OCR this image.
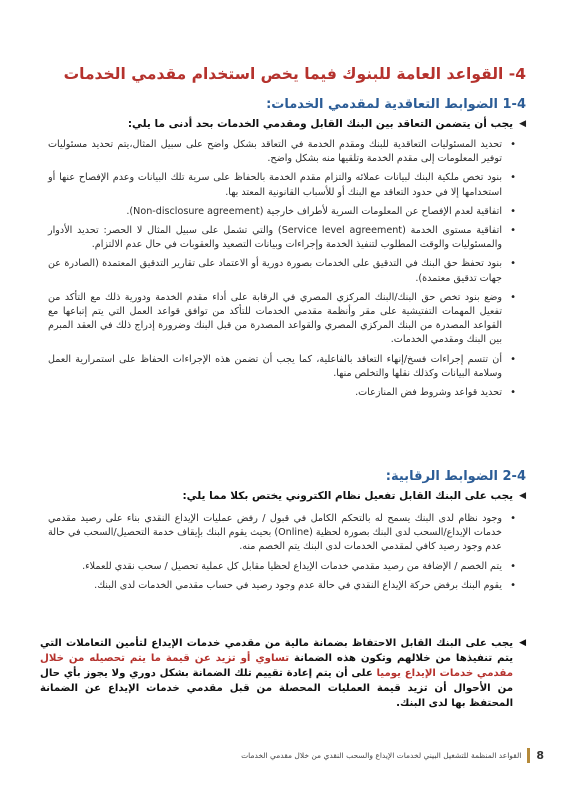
4- القواعد العامة للبنوك فيما يخص استخدام مقدمي الخدمات
1-4 الضوابط التعاقدية لمقدمي الخدمات:
◀
يجب أن يتضمن التعاقد بين البنك القابل ومقدمي الخدمات بحد أدنى ما يلي:
•
تحديد المسئوليات التعاقدية للبنك ومقدم الخدمة في التعاقد بشكل واضح على سبيل المثال،يتم تحديد مسئوليات توفير المعلومات إلى مقدم الخدمة وتلقيها منه بشكل واضح.
•
بنود تخص ملكية البنك لبيانات عملائه والتزام مقدم الخدمة بالحفاظ على سرية تلك البيانات وعدم الإفصاح عنها أو استخدامها إلا في حدود التعاقد مع البنك أو للأسباب القانونية المعتد بها.
•
اتفاقية لعدم الإفصاح عن المعلومات السرية لأطراف خارجية (Non-disclosure agreement).
•
اتفاقية مستوى الخدمة (Service level agreement) والتي تشمل على سبيل المثال لا الحصر: تحديد الأدوار والمسئوليات والوقت المطلوب لتنفيذ الخدمة وإجراءات وبيانات التصعيد والعقوبات في حال عدم الالتزام.
•
بنود تحفظ حق البنك في التدقيق على الخدمات بصورة دورية أو الاعتماد على تقارير التدقيق المعتمدة (الصادرة عن جهات تدقيق معتمدة).
•
وضع بنود تخص حق البنك/البنك المركزي المصري في الرقابة على أداء مقدم الخدمة ودورية ذلك مع التأكد من تفعيل المهمات التفتيشية على مقر وأنظمة مقدمي الخدمات للتأكد من توافق قواعد العمل التي يتم إتباعها مع القواعد المصدرة من البنك المركزي المصري والقواعد المصدرة من قبل البنك وضرورة إدراج ذلك في العقد المبرم بين البنك ومقدمي الخدمات.
•
أن تتسم إجراءات فسخ/إنهاء التعاقد بالفاعلية، كما يجب أن تضمن هذه الإجراءات الحفاظ على استمرارية العمل وسلامة البيانات وكذلك نقلها والتخلص منها.
•
تحديد قواعد وشروط فض المنازعات.
2-4 الضوابط الرقابية:
◀
يجب على البنك القابل تفعيل نظام الكتروني يختص بكلا مما يلي:
•
وجود نظام لدى البنك يسمح له بالتحكم الكامل في قبول / رفض عمليات الإيداع النقدي بناء على رصيد مقدمي خدمات الإيداع/السحب لدى البنك بصورة لحظية (Online) بحيث يقوم البنك بإيقاف خدمة التحصيل/السحب في حالة عدم وجود رصيد كافي لمقدمي الخدمات لدى البنك يتم الخصم منه.
•
يتم الخصم / الإضافة من رصيد مقدمي خدمات الإيداع لحظيا مقابل كل عملية تحصيل / سحب نقدي للعملاء.
•
يقوم البنك برفض حركة الإيداع النقدي في حالة عدم وجود رصيد في حساب مقدمي الخدمات لدى البنك.
◀
يجب على البنك القابل الاحتفاظ بضمانة مالية من مقدمي خدمات الإيداع لتأمين التعاملات التي يتم تنفيذها من خلالهم وتكون هذه الضمانة تساوي أو تزيد عن قيمة ما يتم تحصيله من خلال مقدمي خدمات الإيداع يوميا على أن يتم إعادة تقييم تلك الضمانة بشكل دوري ولا يجوز بأي حال من الأحوال أن تزيد قيمة العمليات المحصلة من قبل مقدمي خدمات الإيداع عن الضمانة المحتفظ بها لدى البنك.
8
القواعد المنظمة للتشغيل البيني لخدمات الإيداع والسحب النقدي من خلال مقدمي الخدمات
